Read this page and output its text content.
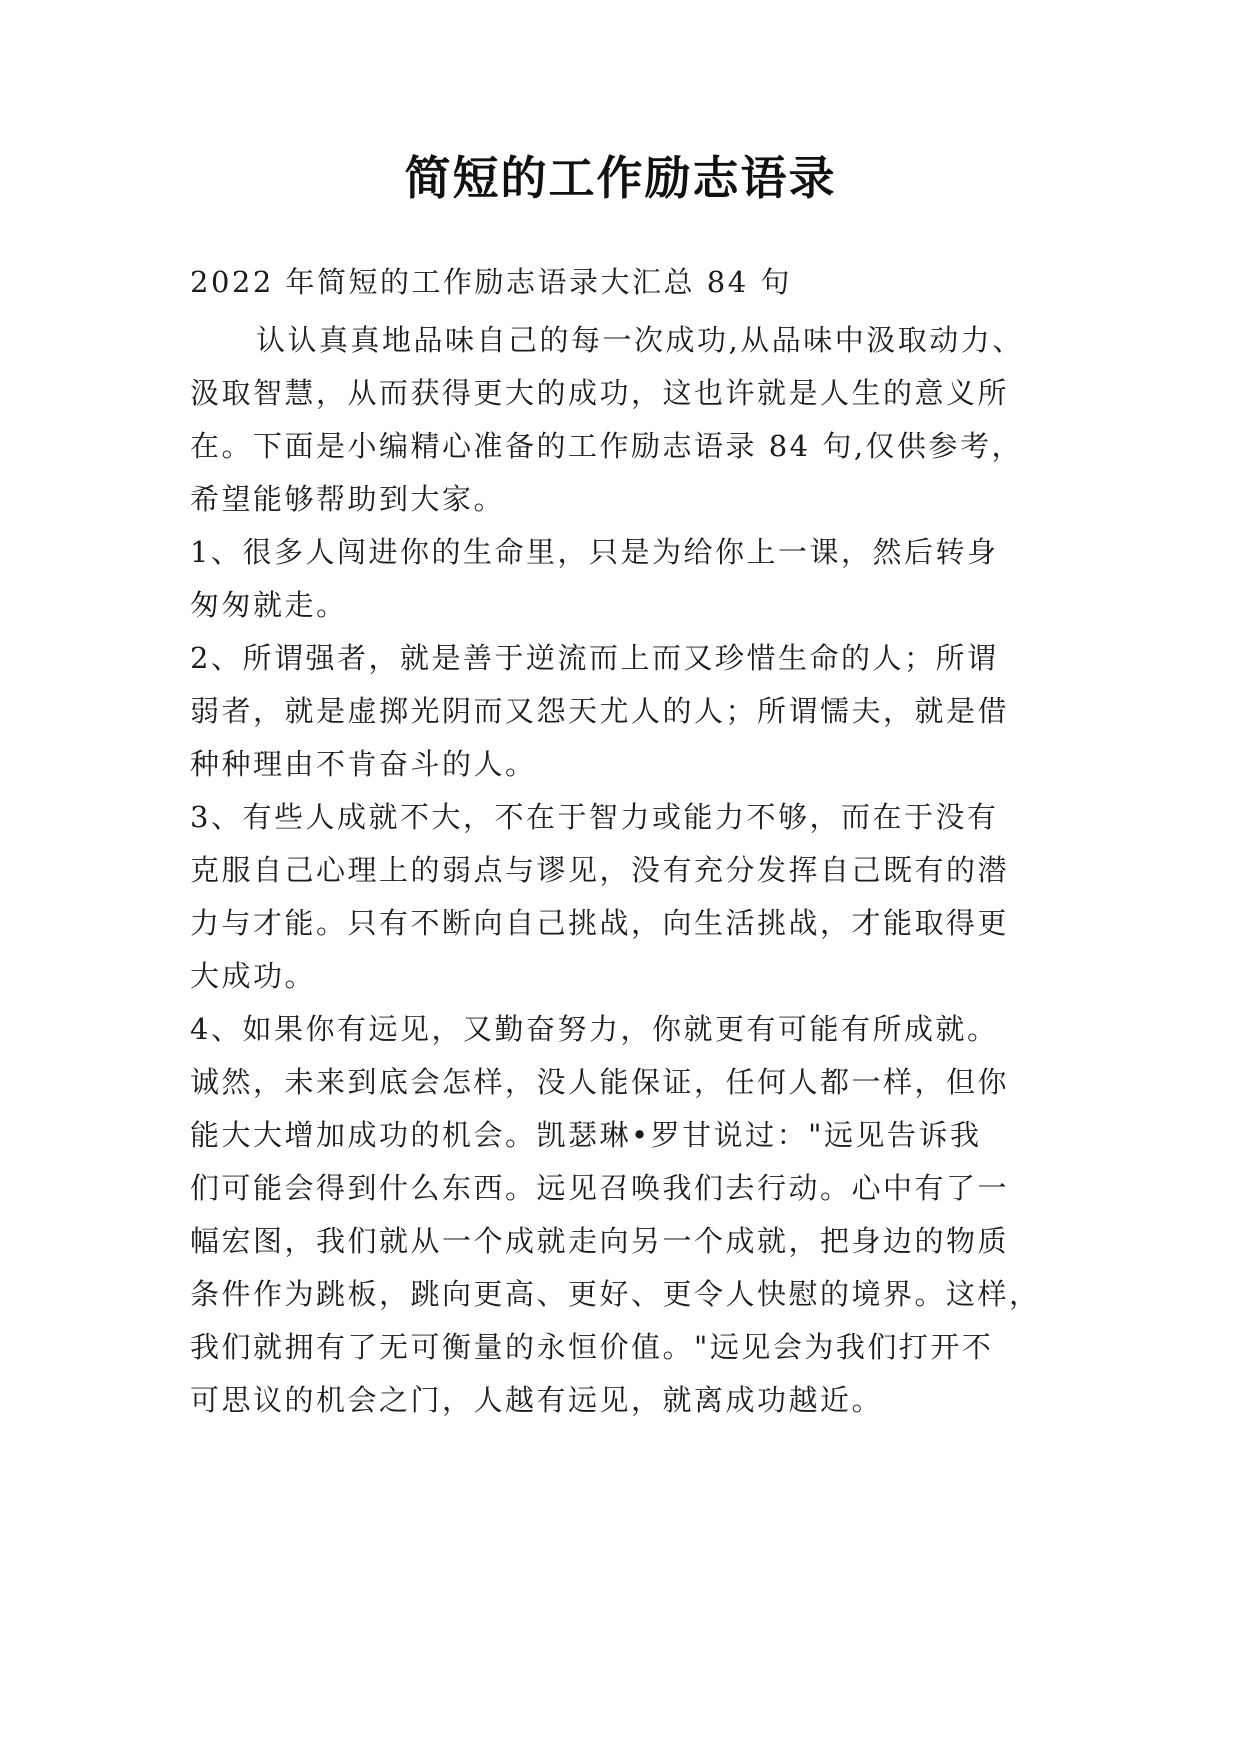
简短的工作励志语录

2022 年简短的工作励志语录大汇总 84 句

认认真真地品味自己的每一次成功,从品味中汲取动力、

汲取智慧，从而获得更大的成功，这也许就是人生的意义所

在。下面是小编精心准备的工作励志语录 84 句,仅供参考，

希望能够帮助到大家。

1、很多人闯进你的生命里，只是为给你上一课，然后转身

匆匆就走。

2、所谓强者，就是善于逆流而上而又珍惜生命的人；所谓

弱者，就是虚掷光阴而又怨天尤人的人；所谓懦夫，就是借

种种理由不肯奋斗的人。

3、有些人成就不大，不在于智力或能力不够，而在于没有

克服自己心理上的弱点与谬见，没有充分发挥自己既有的潜

力与才能。只有不断向自己挑战，向生活挑战，才能取得更

大成功。

4、如果你有远见，又勤奋努力，你就更有可能有所成就。

诚然，未来到底会怎样，没人能保证，任何人都一样，但你

能大大增加成功的机会。凯瑟琳•罗甘说过："远见告诉我

们可能会得到什么东西。远见召唤我们去行动。心中有了一

幅宏图，我们就从一个成就走向另一个成就，把身边的物质

条件作为跳板，跳向更高、更好、更令人快慰的境界。这样，

我们就拥有了无可衡量的永恒价值。"远见会为我们打开不

可思议的机会之门，人越有远见，就离成功越近。
